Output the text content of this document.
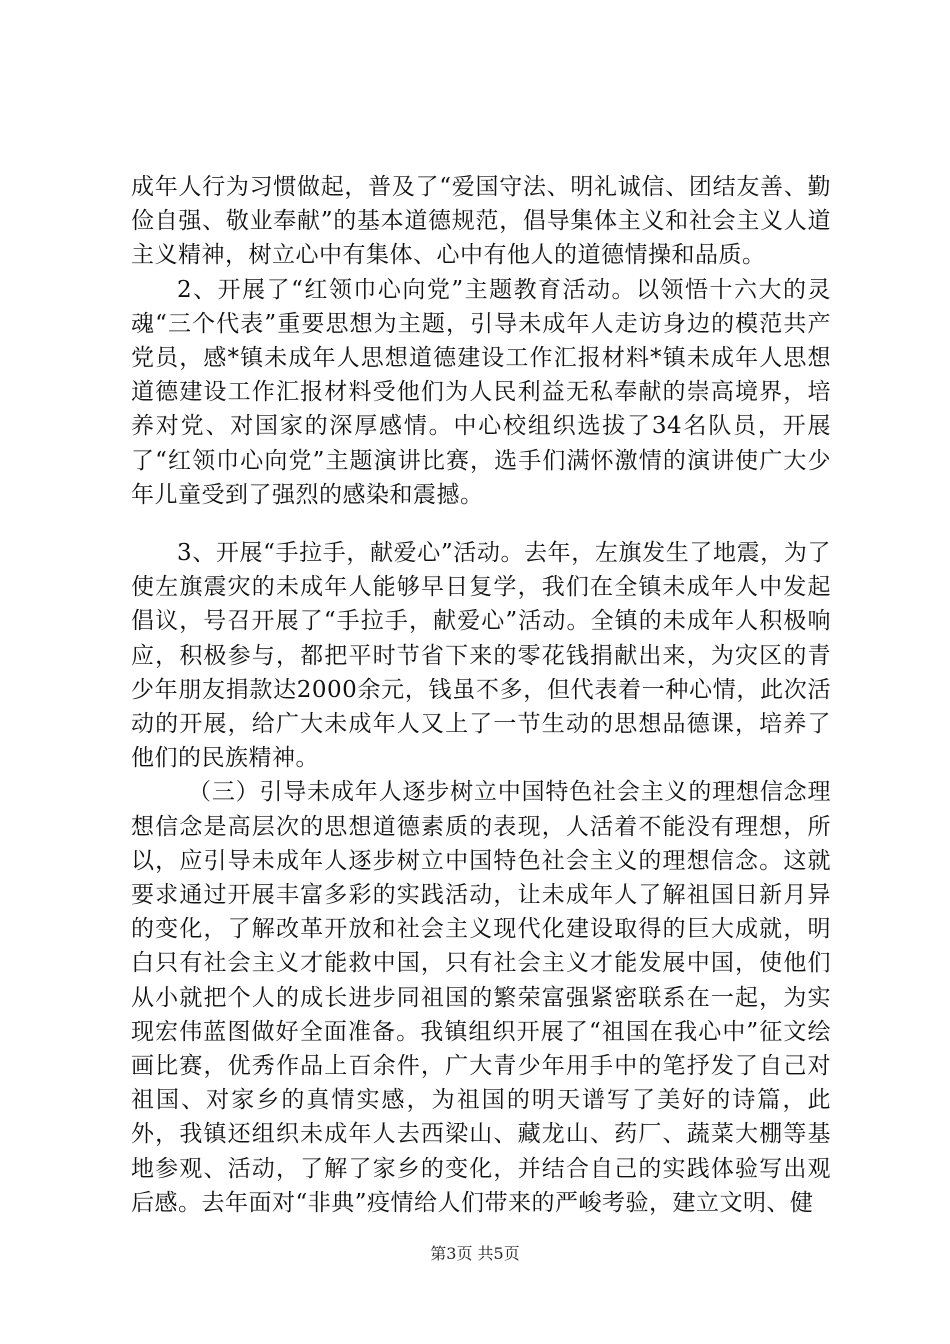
成年人行为习惯做起，普及了“爱国守法、明礼诚信、团结友善、勤俭自强、敬业奉献”的基本道德规范，倡导集体主义和社会主义人道主义精神，树立心中有集体、心中有他人的道德情操和品质。

2、开展了“红领巾心向党”主题教育活动。以领悟十六大的灵魂“三个代表”重要思想为主题，引导未成年人走访身边的模范共产党员，感*镇未成年人思想道德建设工作汇报材料*镇未成年人思想道德建设工作汇报材料受他们为人民利益无私奉献的崇高境界，培养对党、对国家的深厚感情。中心校组织选拔了34名队员，开展了“红领巾心向党”主题演讲比赛，选手们满怀激情的演讲使广大少年儿童受到了强烈的感染和震撼。

3、开展“手拉手，献爱心”活动。去年，左旗发生了地震，为了使左旗震灾的未成年人能够早日复学，我们在全镇未成年人中发起倡议，号召开展了“手拉手，献爱心”活动。全镇的未成年人积极响应，积极参与，都把平时节省下来的零花钱捐献出来，为灾区的青少年朋友捐款达2000余元，钱虽不多，但代表着一种心情，此次活动的开展，给广大未成年人又上了一节生动的思想品德课，培养了他们的民族精神。

（三）引导未成年人逐步树立中国特色社会主义的理想信念理想信念是高层次的思想道德素质的表现，人活着不能没有理想，所以，应引导未成年人逐步树立中国特色社会主义的理想信念。这就要求通过开展丰富多彩的实践活动，让未成年人了解祖国日新月异的变化，了解改革开放和社会主义现代化建设取得的巨大成就，明白只有社会主义才能救中国，只有社会主义才能发展中国，使他们从小就把个人的成长进步同祖国的繁荣富强紧密联系在一起，为实现宏伟蓝图做好全面准备。我镇组织开展了“祖国在我心中”征文绘画比赛，优秀作品上百余件，广大青少年用手中的笔抒发了自己对祖国、对家乡的真情实感，为祖国的明天谱写了美好的诗篇，此外，我镇还组织未成年人去西梁山、藏龙山、药厂、蔬菜大棚等基地参观、活动，了解了家乡的变化，并结合自己的实践体验写出观后感。去年面对“非典”疫情给人们带来的严峻考验，建立文明、健

第3页 共5页
